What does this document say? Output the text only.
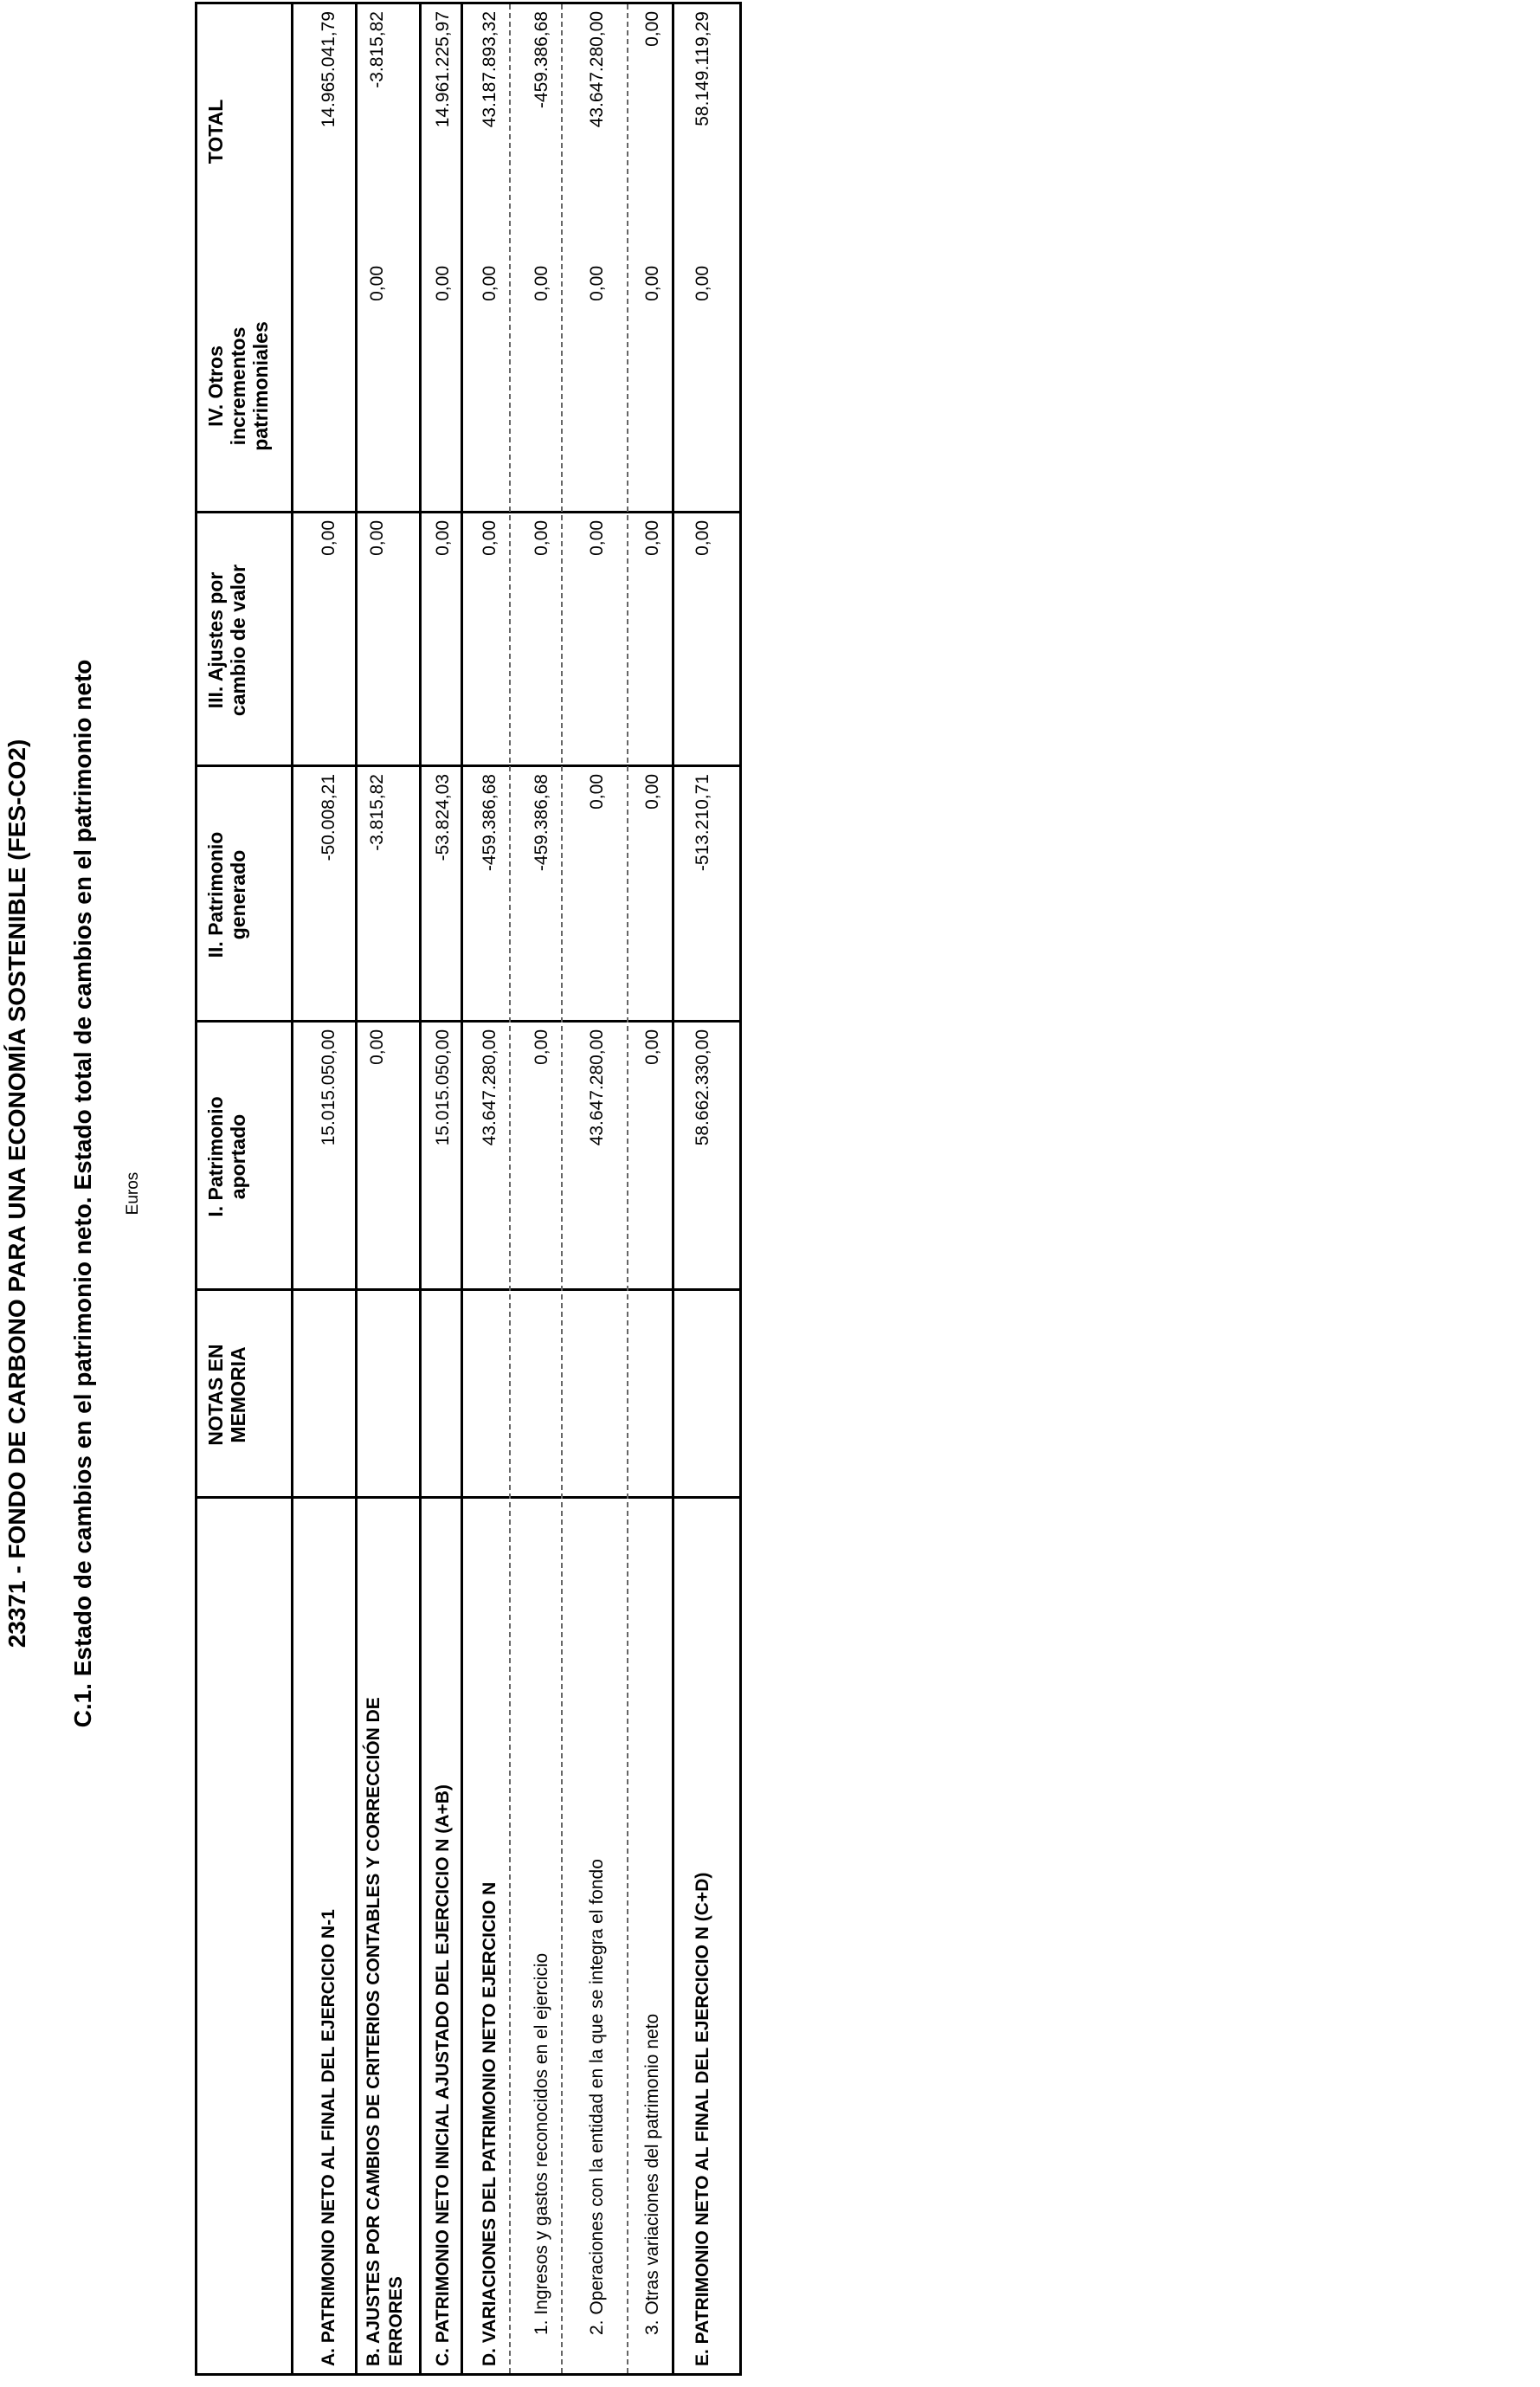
23371 - FONDO DE CARBONO PARA UNA ECONOMÍA SOSTENIBLE (FES-CO2) C.1. Estado de cambios en el patrimonio neto. Estado total de cambios en el patrimonio neto Euros
NOTAS EN MEMORIA
I. Patrimonio aportado
II. Patrimonio generado
III. Ajustes por cambio de valor
IV. Otros incrementos patrimoniales
A. PATRIMONIO NETO AL FINAL DEL EJERCICIO N-1
15.015.050,00
-50.008,21
0,00
14.965.041,79
B. AJUSTES POR CAMBIOS DE CRITERIOS CONTABLES Y CORRECCIÓN DE ERRORES
0,00
-3.815,82
0,00
0,00
-3.815,82
C. PATRIMONIO NETO INICIAL AJUSTADO DEL EJERCICIO N (A+B)
15.015.050,00
-53.824,03
0,00
0,00
14.961.225,97
D. VARIACIONES DEL PATRIMONIO NETO EJERCICIO N
43.647.280,00
-459.386,68
0,00
0,00
43.187.893,32
1. Ingresos y gastos reconocidos en el ejercicio
0,00
-459.386,68
0,00
0,00
-459.386,68
2. Operaciones con la entidad en la que se integra el fondo
43.647.280,00
0,00
0,00
0,00
43.647.280,00
3. Otras variaciones del patrimonio neto
0,00
0,00
0,00
0,00
0,00
E. PATRIMONIO NETO AL FINAL DEL EJERCICIO N (C+D)
58.662.330,00
-513.210,71
0,00
0,00
58.149.119,29
TOTAL
